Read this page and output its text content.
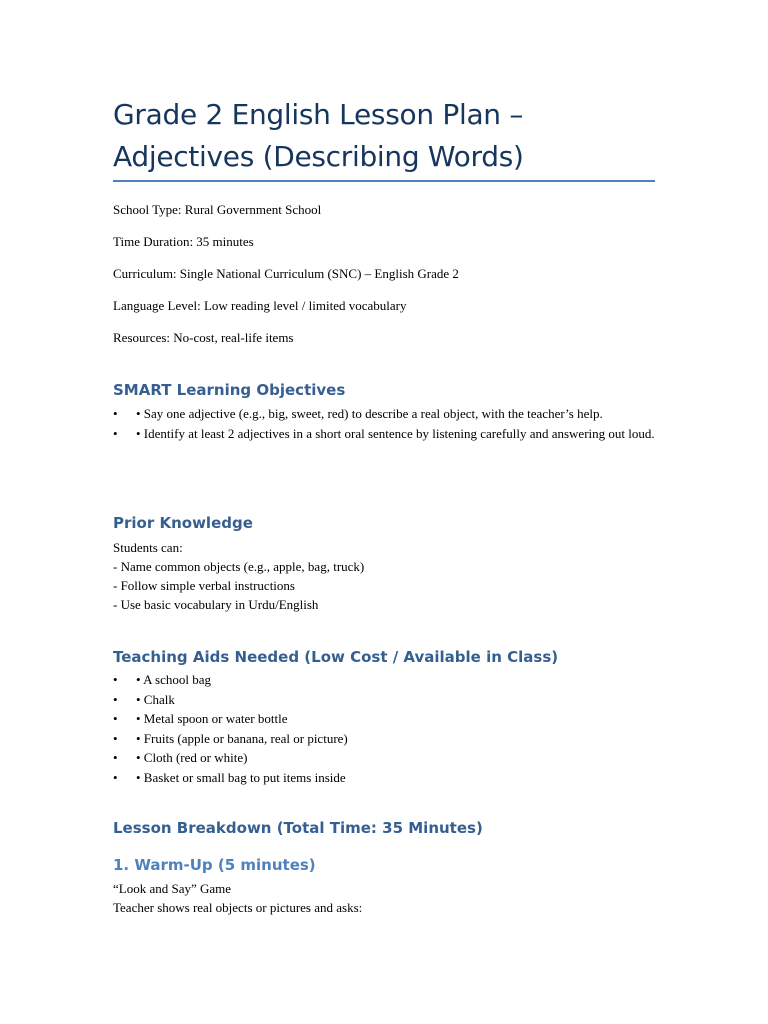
Grade 2 English Lesson Plan –
Adjectives (Describing Words)
School Type: Rural Government School
Time Duration: 35 minutes
Curriculum: Single National Curriculum (SNC) – English Grade 2
Language Level: Low reading level / limited vocabulary
Resources: No-cost, real-life items
SMART Learning Objectives
• • Say one adjective (e.g., big, sweet, red) to describe a real object, with the teacher’s help.
• • Identify at least 2 adjectives in a short oral sentence by listening carefully and answering out loud.
Prior Knowledge
Students can:
- Name common objects (e.g., apple, bag, truck)
- Follow simple verbal instructions
- Use basic vocabulary in Urdu/English
Teaching Aids Needed (Low Cost / Available in Class)
• • A school bag
• • Chalk
• • Metal spoon or water bottle
• • Fruits (apple or banana, real or picture)
• • Cloth (red or white)
• • Basket or small bag to put items inside
Lesson Breakdown (Total Time: 35 Minutes)
1. Warm-Up (5 minutes)
“Look and Say” Game
Teacher shows real objects or pictures and asks:
